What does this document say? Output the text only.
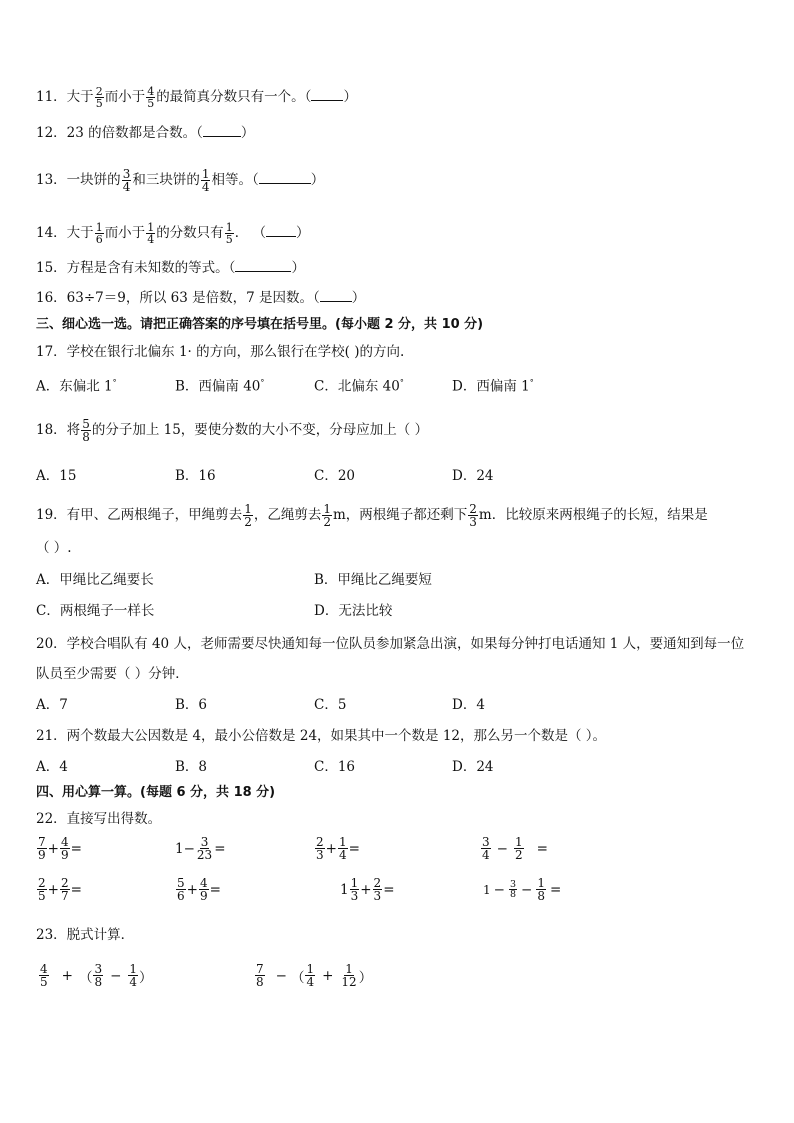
11．大于 $\frac{2}{5}$ 而小于 $\frac{4}{5}$ 的最简真分数只有一个。（ ）
12．23 的倍数都是合数。（	）
13．一块饼的 $\frac{3}{4}$ 和三块饼的 $\frac{1}{4}$ 相等。（	）
14．大于 $\frac{1}{6}$ 而小于 $\frac{1}{4}$ 的分数只有 $\frac{1}{5}$ ． （ ）
15．方程是含有未知数的等式。（	）
16．63÷7＝9，所以 63 是倍数，7 是因数。（ ）
三、细心选一选。请把正确答案的序号填在括号里。(每小题 2 分，共 10 分)
17．学校在银行北偏东 1· 的方向，那么银行在学校( )的方向.
A．东偏北 1°	B．西偏南 40°	C．北偏东 40°	D．西偏南 1°
18．将 $\frac{5}{8}$ 的分子加上 15，要使分数的大小不变，分母应加上（ ）
A．15	B．16	C．20	D．24
19．有甲、乙两根绳子，甲绳剪去 $\frac{1}{2}$ ，乙绳剪去 $\frac{1}{2}$ m，两根绳子都还剩下 $\frac{2}{3}$ m．比较原来两根绳子的长短，结果是
（ ）.
A．甲绳比乙绳要长	B．甲绳比乙绳要短
C．两根绳子一样长	D．无法比较
20．学校合唱队有 40 人，老师需要尽快通知每一位队员参加紧急出演，如果每分钟打电话通知 1 人，要通知到每一位
队员至少需要（ ）分钟．
A．7	B．6	C．5	D．4
21．两个数最大公因数是 4，最小公倍数是 24，如果其中一个数是 12，那么另一个数是（ ）。
A．4	B．8	C．16	D．24
四、用心算一算。(每题 6 分，共 18 分)
22．直接写出得数。
$\frac{7}{9} + \frac{4}{9}$ =	$1 - \frac{3}{23}$ =	$\frac{2}{3} + \frac{1}{4}$ =	$\frac{3}{4} - \frac{1}{2}$ =
$\frac{2}{5} + \frac{2}{7}$ =	$\frac{5}{6} + \frac{4}{9}$ =	$1 \frac{1}{3} + \frac{2}{3}$ =	$1 - \frac{3}{8} - \frac{1}{8}$ =
23．脱式计算．
$\frac{4}{5}$ + （ $\frac{3}{8} - \frac{1}{4}$ ）	$\frac{7}{8}$ − （ $\frac{1}{4} + \frac{1}{12}$ ）
